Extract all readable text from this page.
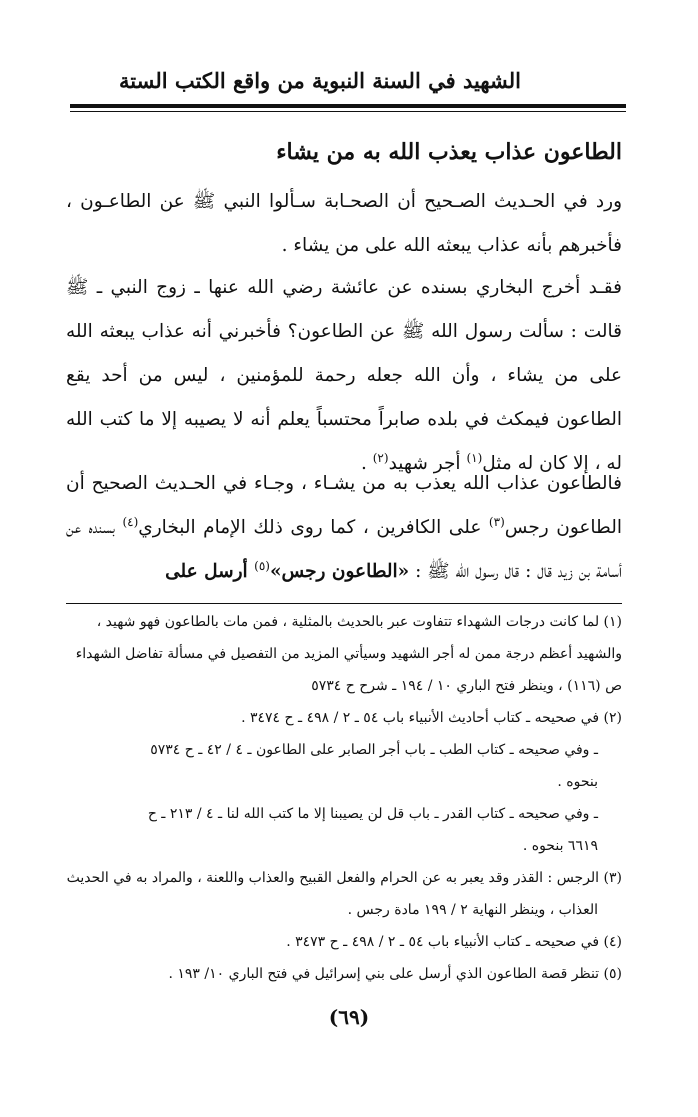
الشهيد في السنة النبوية من واقع الكتب الستة
الطاعون عذاب يعذب الله به من يشاء

ورد في الحـديث الصـحيح أن الصحـابة سـألوا النبي ﷺ عن الطاعـون ، فأخبرهم بأنه عذاب يبعثه الله على من يشاء .

فقـد أخرج البخاري بسنده عن عائشة رضي الله عنها ـ زوج النبي ـ ﷺ قالت : سألت رسول الله ﷺ عن الطاعون؟ فأخبرني أنه عذاب يبعثه الله على من يشاء ، وأن الله جعله رحمة للمؤمنين ، ليس من أحد يقع الطاعون فيمكث في بلده صابراً محتسباً يعلم أنه لا يصيبه إلا ما كتب الله له ، إلا كان له مثل$^{(١)}$ أجر شهيد$^{(٢)}$ .

فالطاعون عذاب الله يعذب به من يشـاء ، وجـاء في الحـديث الصحيح أن الطاعون رجس$^{(٣)}$ على الكافرين ، كما روى ذلك الإمام البخاري$^{(٤)}$ بسنده عن أسامة بن زيد قال : قال رسول الله ﷺ : «الطاعون رجس»$^{(٥)}$ أرسل على

(١) لما كانت درجات الشهداء تتفاوت عبر بالحديث بالمثلية ، فمن مات بالطاعون فهو شهيد ،

والشهيد أعظم درجة ممن له أجر الشهيد وسيأتي المزيد من التفصيل في مسألة تفاضل الشهداء

ص (١١٦) ، وينظر فتح الباري ١٠ / ١٩٤ ـ شرح ح ٥٧٣٤

(٢) في صحيحه ـ كتاب أحاديث الأنبياء باب ٥٤ ـ ٢ / ٤٩٨ ـ ح ٣٤٧٤ .

ـ وفي صحيحه ـ كتاب الطب ـ باب أجر الصابر على الطاعون ـ ٤ / ٤٢ ـ ح ٥٧٣٤

بنحوه .

ـ وفي صحيحه ـ كتاب القدر ـ باب قل لن يصيبنا إلا ما كتب الله لنا ـ ٤ / ٢١٣ ـ ح

٦٦١٩ بنحوه .

(٣) الرجس : القذر وقد يعبر به عن الحرام والفعل القبيح والعذاب واللعنة ، والمراد به في الحديث

العذاب ، وينظر النهاية ٢ / ١٩٩ مادة رجس .

(٤) في صحيحه ـ كتاب الأنبياء باب ٥٤ ـ ٢ / ٤٩٨ ـ ح ٣٤٧٣ .

(٥) تنظر قصة الطاعون الذي أرسل على بني إسرائيل في فتح الباري ١٠/ ١٩٣ .

(٦٩)
